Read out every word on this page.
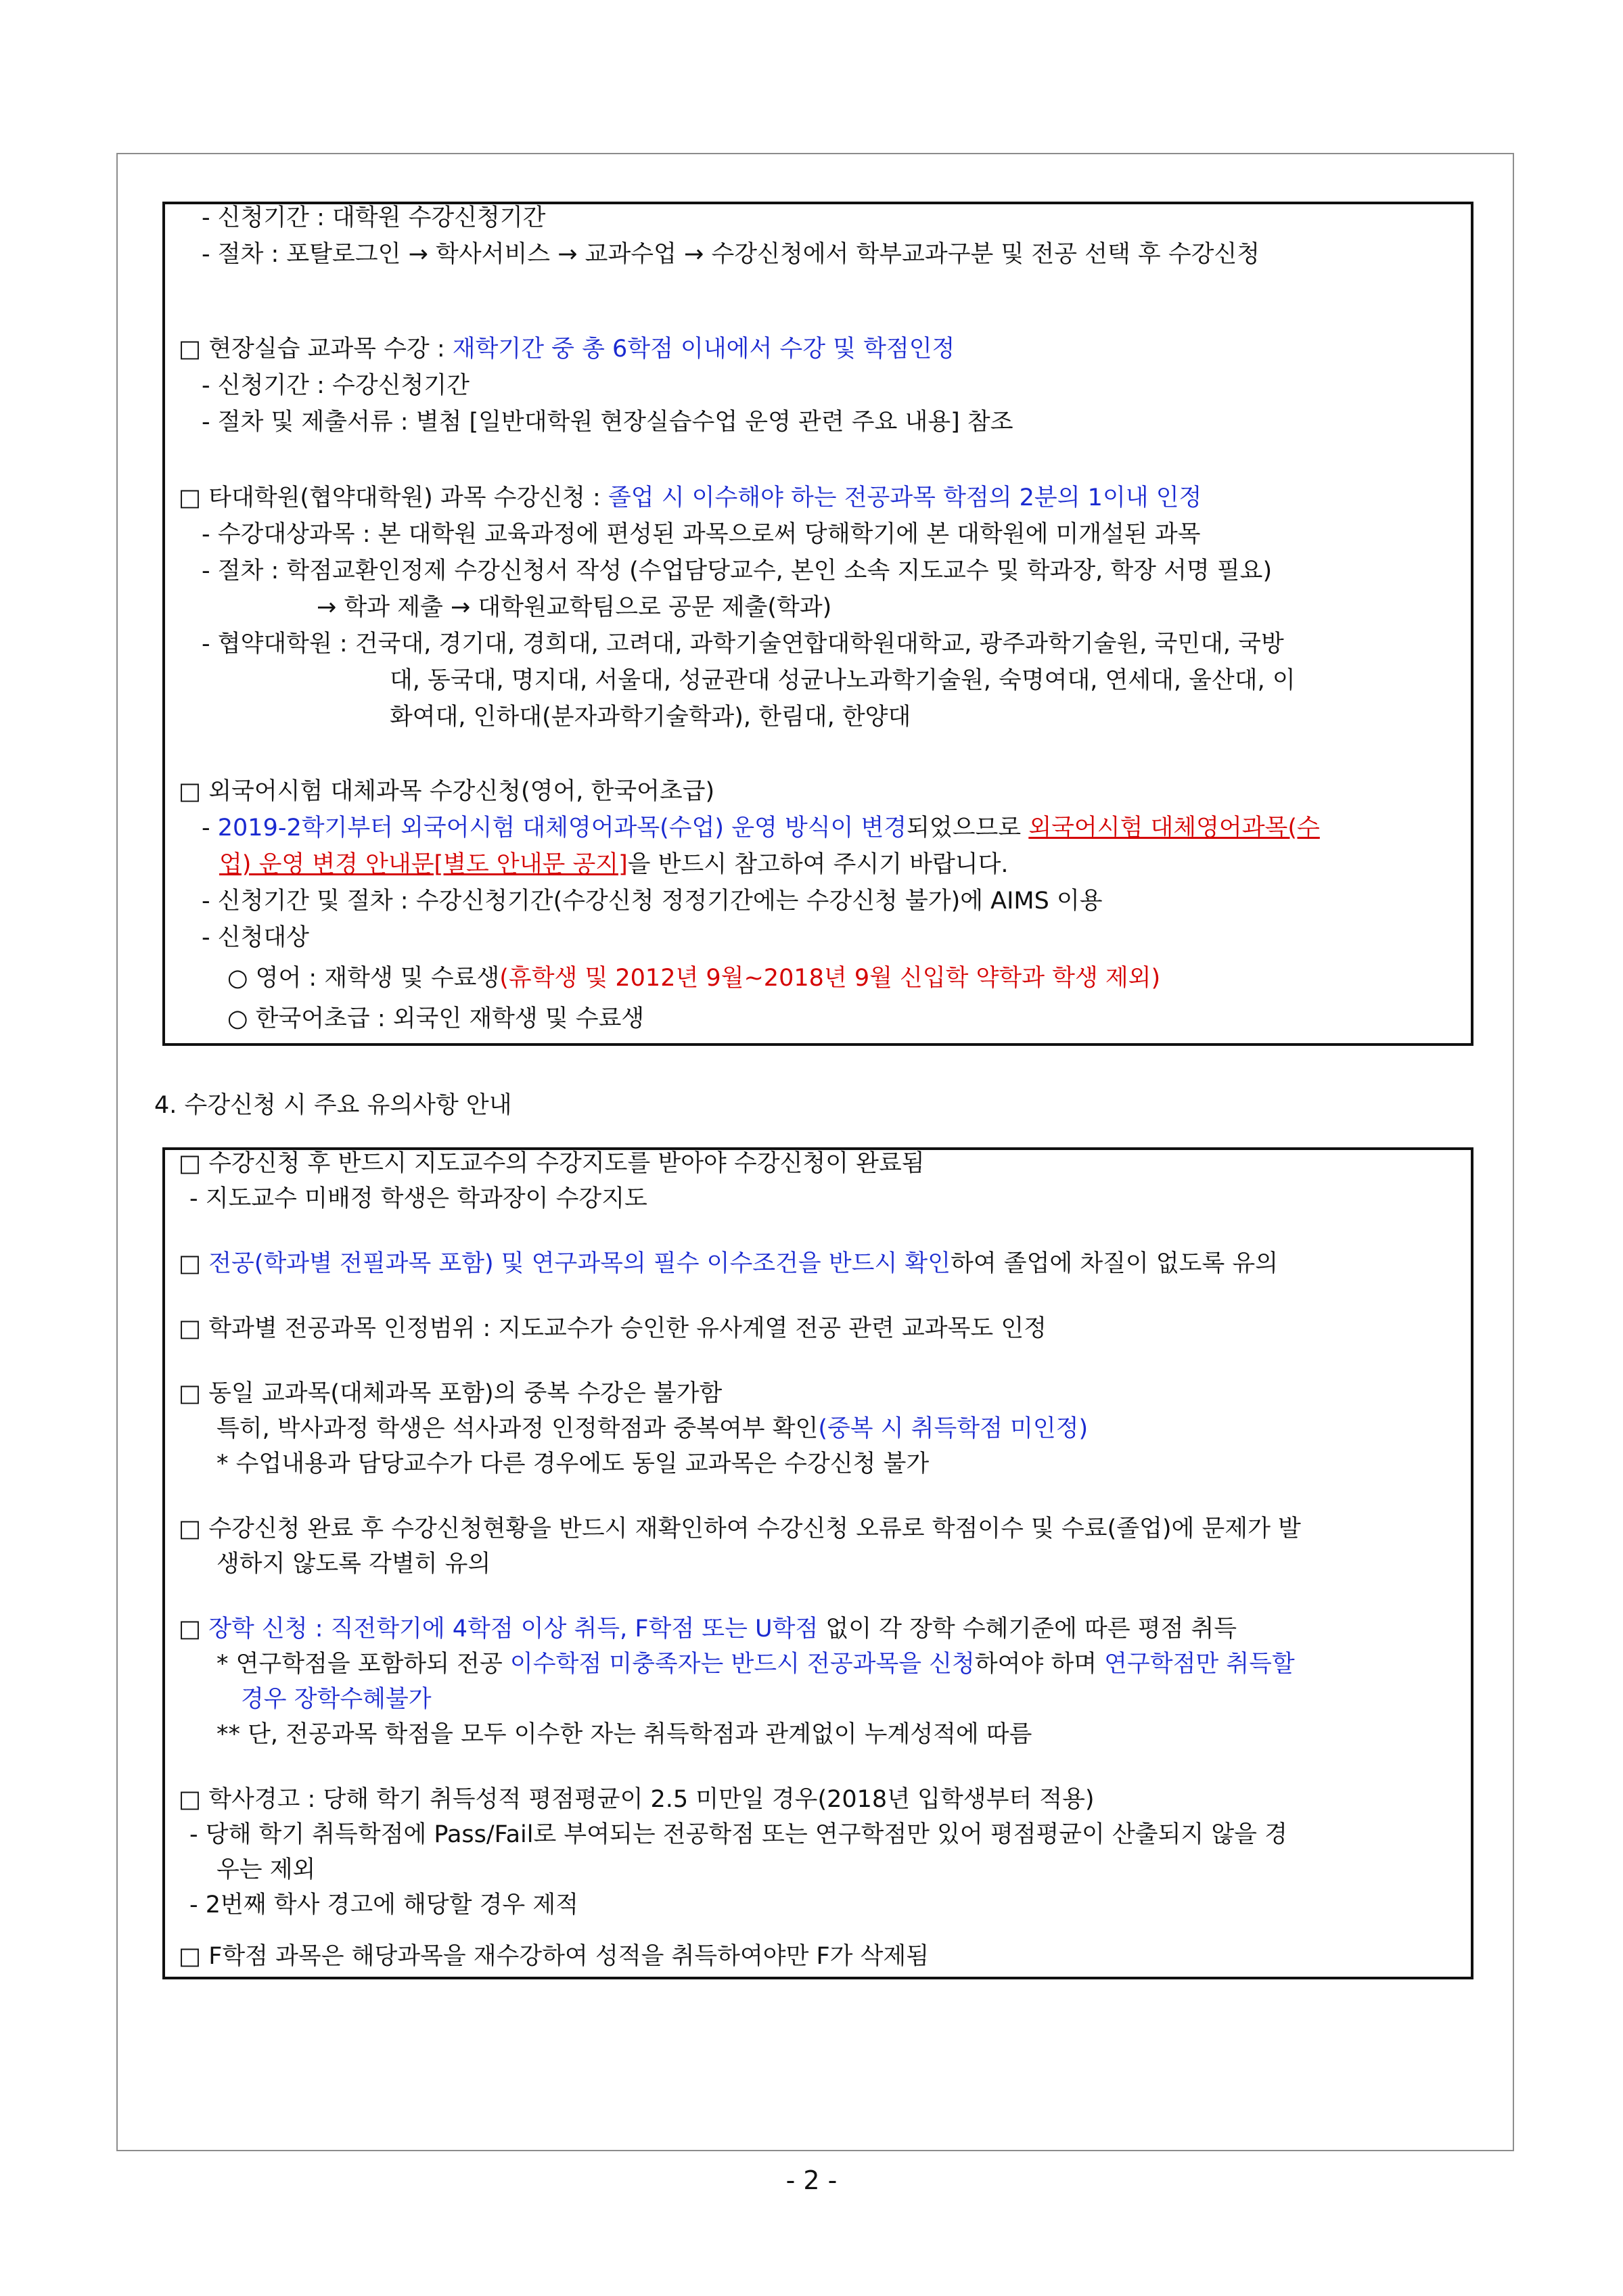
- 신청기간 : 대학원 수강신청기간
- 절차 : 포탈로그인 → 학사서비스 → 교과수업 → 수강신청에서 학부교과구분 및 전공 선택 후 수강신청
□ 현장실습 교과목 수강 : 재학기간 중 총 6학점 이내에서 수강 및 학점인정
- 신청기간 : 수강신청기간
- 절차 및 제출서류 : 별첨 [일반대학원 현장실습수업 운영 관련 주요 내용] 참조
□ 타대학원(협약대학원) 과목 수강신청 : 졸업 시 이수해야 하는 전공과목 학점의 2분의 1이내 인정
- 수강대상과목 : 본 대학원 교육과정에 편성된 과목으로써 당해학기에 본 대학원에 미개설된 과목
- 절차 : 학점교환인정제 수강신청서 작성 (수업담당교수, 본인 소속 지도교수 및 학과장, 학장 서명 필요)
→ 학과 제출 → 대학원교학팀으로 공문 제출(학과)
- 협약대학원 : 건국대, 경기대, 경희대, 고려대, 과학기술연합대학원대학교, 광주과학기술원, 국민대, 국방
대, 동국대, 명지대, 서울대, 성균관대 성균나노과학기술원, 숙명여대, 연세대, 울산대, 이
화여대, 인하대(분자과학기술학과), 한림대, 한양대
□ 외국어시험 대체과목 수강신청(영어, 한국어초급)
- 2019-2학기부터 외국어시험 대체영어과목(수업) 운영 방식이 변경되었으므로 외국어시험 대체영어과목(수
업) 운영 변경 안내문[별도 안내문 공지]을 반드시 참고하여 주시기 바랍니다.
- 신청기간 및 절차 : 수강신청기간(수강신청 정정기간에는 수강신청 불가)에 AIMS 이용
- 신청대상
○ 영어 : 재학생 및 수료생(휴학생 및 2012년 9월~2018년 9월 신입학 약학과 학생 제외)
○ 한국어초급 : 외국인 재학생 및 수료생
4. 수강신청 시 주요 유의사항 안내
□ 수강신청 후 반드시 지도교수의 수강지도를 받아야 수강신청이 완료됨
- 지도교수 미배정 학생은 학과장이 수강지도
□ 전공(학과별 전필과목 포함) 및 연구과목의 필수 이수조건을 반드시 확인하여 졸업에 차질이 없도록 유의
□ 학과별 전공과목 인정범위 : 지도교수가 승인한 유사계열 전공 관련 교과목도 인정
□ 동일 교과목(대체과목 포함)의 중복 수강은 불가함
특히, 박사과정 학생은 석사과정 인정학점과 중복여부 확인(중복 시 취득학점 미인정)
* 수업내용과 담당교수가 다른 경우에도 동일 교과목은 수강신청 불가
□ 수강신청 완료 후 수강신청현황을 반드시 재확인하여 수강신청 오류로 학점이수 및 수료(졸업)에 문제가 발
생하지 않도록 각별히 유의
□ 장학 신청 : 직전학기에 4학점 이상 취득, F학점 또는 U학점 없이 각 장학 수혜기준에 따른 평점 취득
* 연구학점을 포함하되 전공 이수학점 미충족자는 반드시 전공과목을 신청하여야 하며 연구학점만 취득할
경우 장학수혜불가
** 단, 전공과목 학점을 모두 이수한 자는 취득학점과 관계없이 누계성적에 따름
□ 학사경고 : 당해 학기 취득성적 평점평균이 2.5 미만일 경우(2018년 입학생부터 적용)
- 당해 학기 취득학점에 Pass/Fail로 부여되는 전공학점 또는 연구학점만 있어 평점평균이 산출되지 않을 경
우는 제외
- 2번째 학사 경고에 해당할 경우 제적
□ F학점 과목은 해당과목을 재수강하여 성적을 취득하여야만 F가 삭제됨
- 2 -
